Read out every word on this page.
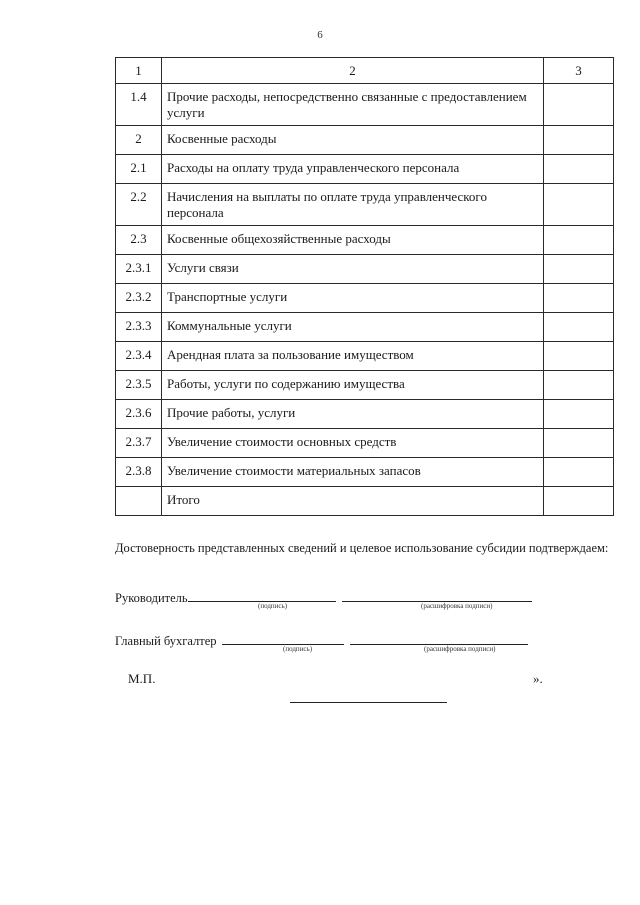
6
1	2	3
1.4	Прочие расходы, непосредственно связанные с предоставлением услуги	
2	Косвенные расходы	
2.1	Расходы на оплату труда управленческого персонала	
2.2	Начисления на выплаты по оплате труда управленческого персонала	
2.3	Косвенные общехозяйственные расходы	
2.3.1	Услуги связи	
2.3.2	Транспортные услуги	
2.3.3	Коммунальные услуги	
2.3.4	Арендная плата за пользование имуществом	
2.3.5	Работы, услуги по содержанию имущества	
2.3.6	Прочие работы, услуги	
2.3.7	Увеличение стоимости основных средств	
2.3.8	Увеличение стоимости материальных запасов	
	Итого	
Достоверность представленных сведений и целевое использование субсидии подтверждаем:
Руководитель
(подпись)	(расшифровка подписи)
Главный бухгалтер
(подпись)	(расшифровка подписи)
М.П.	».
